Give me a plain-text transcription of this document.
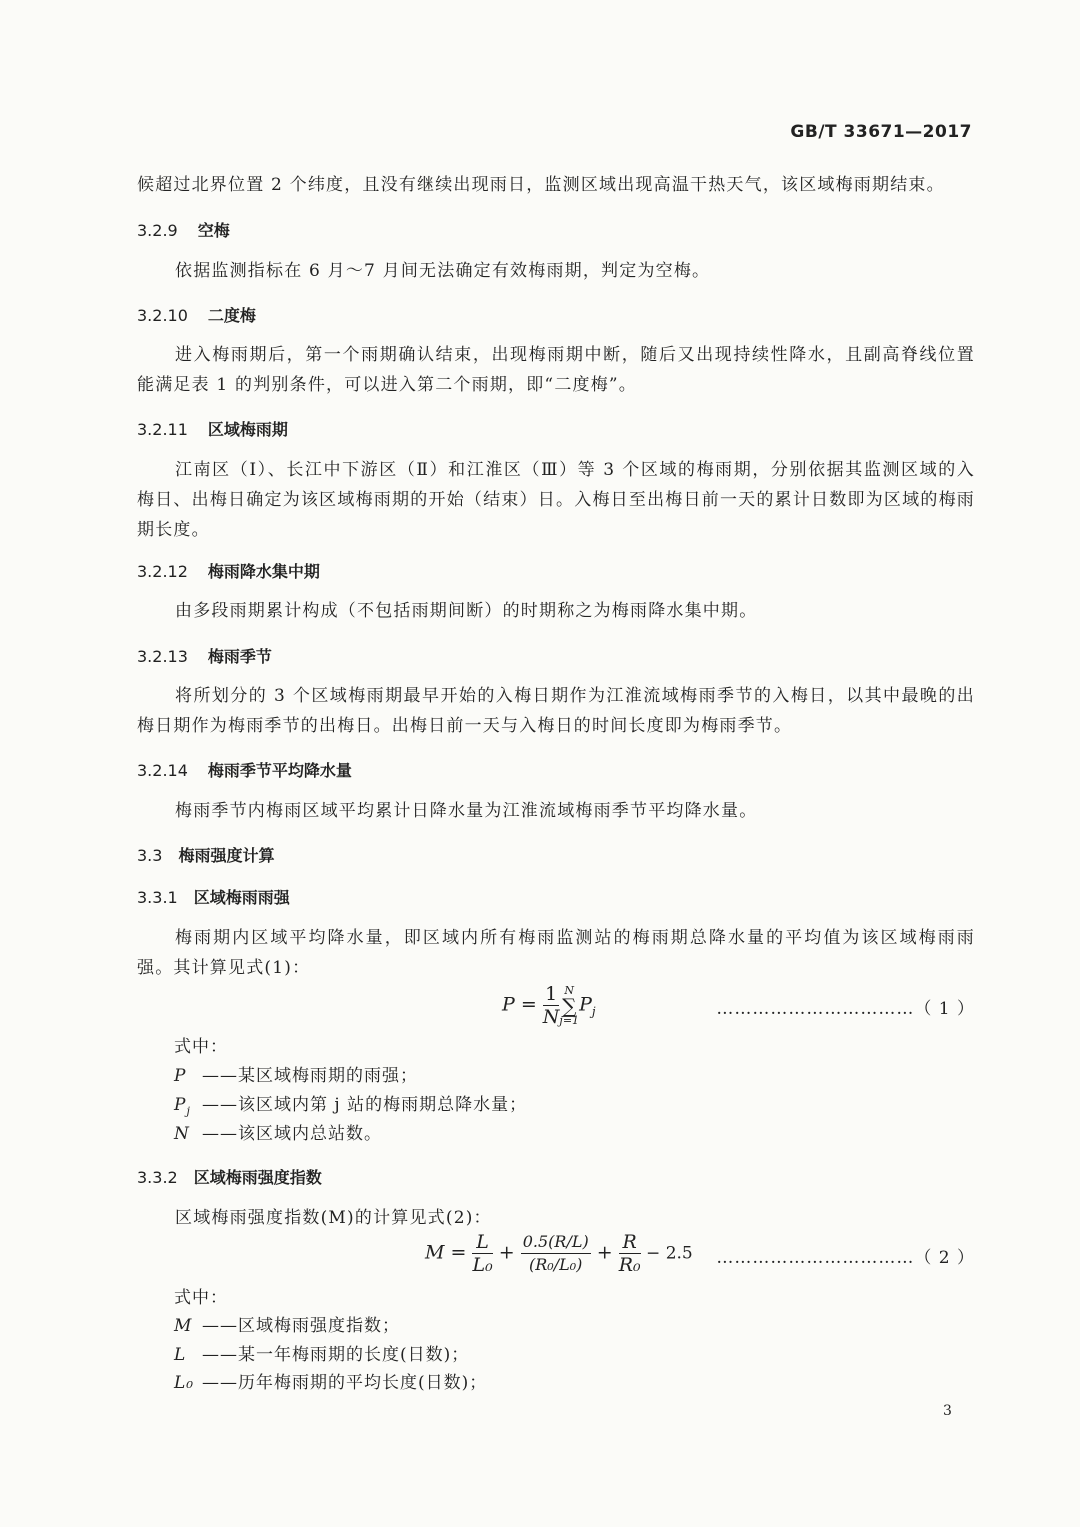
GB/T 33671—2017
候超过北界位置 2 个纬度，且没有继续出现雨日，监测区域出现高温干热天气，该区域梅雨期结束。
3.2.9 空梅
依据监测指标在 6 月～7 月间无法确定有效梅雨期，判定为空梅。
3.2.10 二度梅
进入梅雨期后，第一个雨期确认结束，出现梅雨期中断，随后又出现持续性降水，且副高脊线位置能满足表 1 的判别条件，可以进入第二个雨期，即“二度梅”。
3.2.11 区域梅雨期
江南区（Ⅰ）、长江中下游区（Ⅱ）和江淮区（Ⅲ）等 3 个区域的梅雨期，分别依据其监测区域的入梅日、出梅日确定为该区域梅雨期的开始（结束）日。入梅日至出梅日前一天的累计日数即为区域的梅雨期长度。
3.2.12 梅雨降水集中期
由多段雨期累计构成（不包括雨期间断）的时期称之为梅雨降水集中期。
3.2.13 梅雨季节
将所划分的 3 个区域梅雨期最早开始的入梅日期作为江淮流域梅雨季节的入梅日，以其中最晚的出梅日期作为梅雨季节的出梅日。出梅日前一天与入梅日的时间长度即为梅雨季节。
3.2.14 梅雨季节平均降水量
梅雨季节内梅雨区域平均累计日降水量为江淮流域梅雨季节平均降水量。
3.3 梅雨强度计算
3.3.1 区域梅雨雨强
梅雨期内区域平均降水量，即区域内所有梅雨监测站的梅雨期总降水量的平均值为该区域梅雨雨强。其计算见式(1)：
$P = \frac{1}{N}$ N
∑
j=1
$P_j$	……………………………（ 1 ）
式中：
P ——某区域梅雨期的雨强；
$P_j$ ——该区域内第 j 站的梅雨期总降水量；
N ——该区域内总站数。
3.3.2 区域梅雨强度指数
区域梅雨强度指数(M)的计算见式(2)：
$M = \frac{L}{\text{L₀}} + \frac{0.5(R/L)}{\text{(R₀/L₀)}} + \frac{R}{\text{R₀}} - 2.5$ ……………………………（ 2 ）
式中：
M ——区域梅雨强度指数；
L ——某一年梅雨期的长度(日数)；
L₀ ——历年梅雨期的平均长度(日数)；
3
